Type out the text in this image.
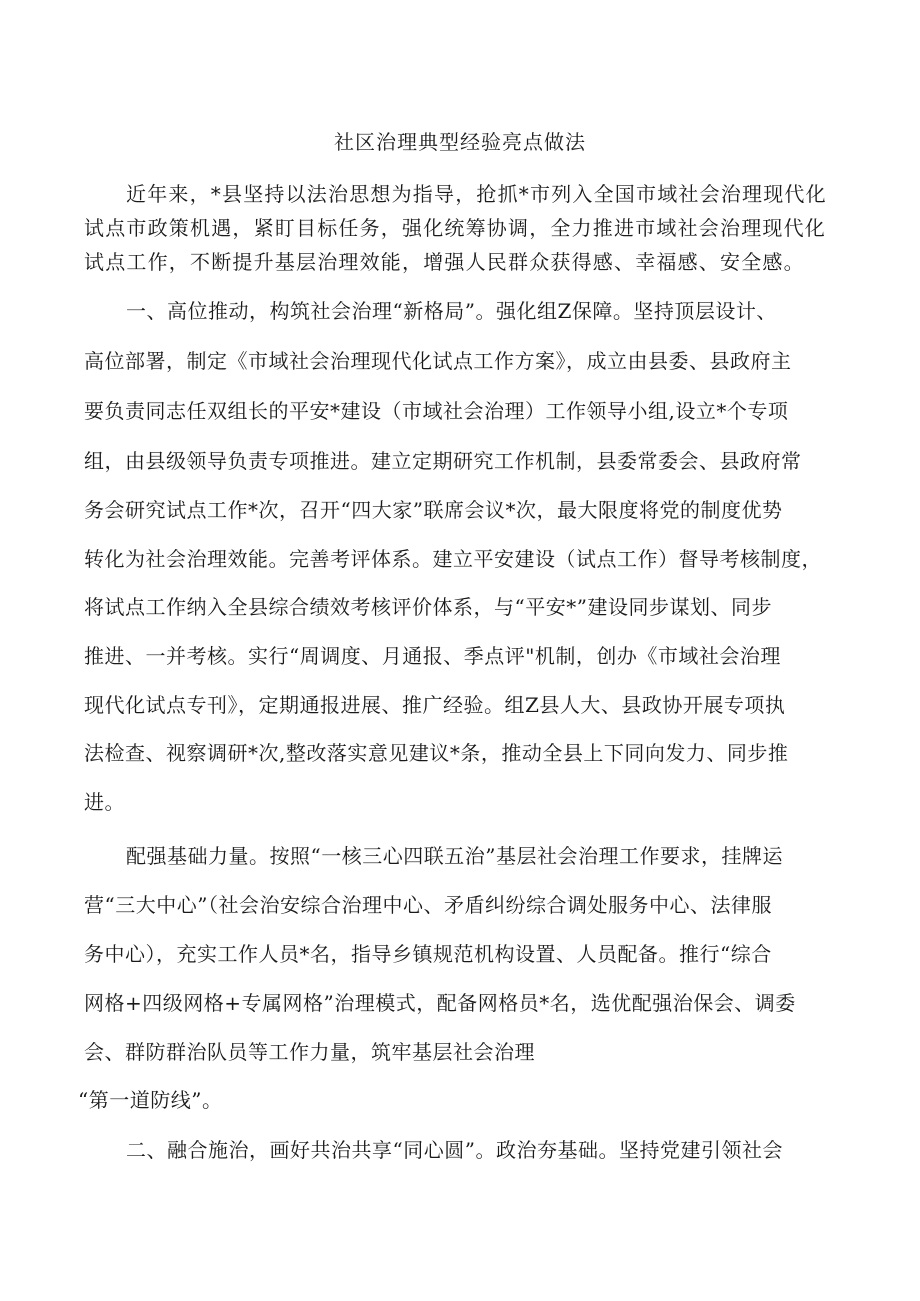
社区治理典型经验亮点做法
近年来，*县坚持以法治思想为指导，抢抓*市列入全国市域社会治理现代化
试点市政策机遇，紧盯目标任务，强化统筹协调，全力推进市域社会治理现代化
试点工作，不断提升基层治理效能，增强人民群众获得感、幸福感、安全感。
一、高位推动，构筑社会治理“新格局”。强化组Z保障。坚持顶层设计、
高位部署，制定《市域社会治理现代化试点工作方案》，成立由县委、县政府主
要负责同志任双组长的平安*建设（市域社会治理）工作领导小组,设立*个专项
组，由县级领导负责专项推进。建立定期研究工作机制，县委常委会、县政府常
务会研究试点工作*次，召开“四大家”联席会议*次，最大限度将党的制度优势
转化为社会治理效能。完善考评体系。建立平安建设（试点工作）督导考核制度，
将试点工作纳入全县综合绩效考核评价体系，与“平安*”建设同步谋划、同步
推进、一并考核。实行“周调度、月通报、季点评"机制，创办《市域社会治理
现代化试点专刊》，定期通报进展、推广经验。组Z县人大、县政协开展专项执
法检查、视察调研*次,整改落实意见建议*条，推动全县上下同向发力、同步推
进。
配强基础力量。按照“一核三心四联五治”基层社会治理工作要求，挂牌运
营“三大中心”（社会治安综合治理中心、矛盾纠纷综合调处服务中心、法律服
务中心），充实工作人员*名，指导乡镇规范机构设置、人员配备。推行“综合
网格+四级网格+专属网格”治理模式，配备网格员*名，选优配强治保会、调委
会、群防群治队员等工作力量，筑牢基层社会治理
“第一道防线”。
二、融合施治，画好共治共享“同心圆”。政治夯基础。坚持党建引领社会
